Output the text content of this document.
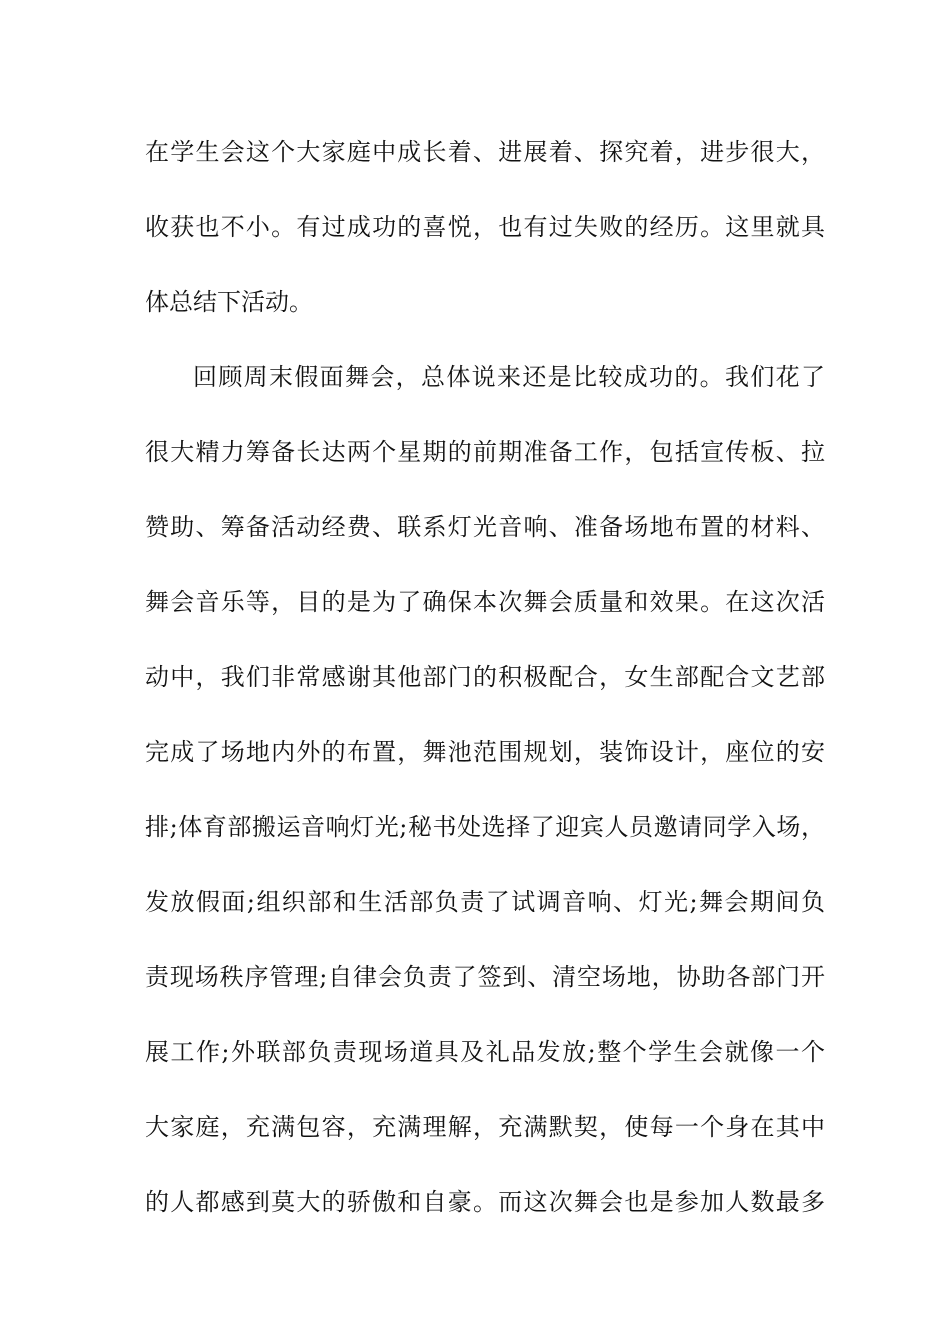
在学生会这个大家庭中成长着、进展着、探究着，进步很大，
收获也不小。有过成功的喜悦，也有过失败的经历。这里就具
体总结下活动。
回顾周末假面舞会，总体说来还是比较成功的。我们花了
很大精力筹备长达两个星期的前期准备工作，包括宣传板、拉
赞助、筹备活动经费、联系灯光音响、准备场地布置的材料、
舞会音乐等，目的是为了确保本次舞会质量和效果。在这次活
动中，我们非常感谢其他部门的积极配合，女生部配合文艺部
完成了场地内外的布置，舞池范围规划，装饰设计，座位的安
排;体育部搬运音响灯光;秘书处选择了迎宾人员邀请同学入场，
发放假面;组织部和生活部负责了试调音响、灯光;舞会期间负
责现场秩序管理;自律会负责了签到、清空场地，协助各部门开
展工作;外联部负责现场道具及礼品发放;整个学生会就像一个
大家庭，充满包容，充满理解，充满默契，使每一个身在其中
的人都感到莫大的骄傲和自豪。而这次舞会也是参加人数最多
